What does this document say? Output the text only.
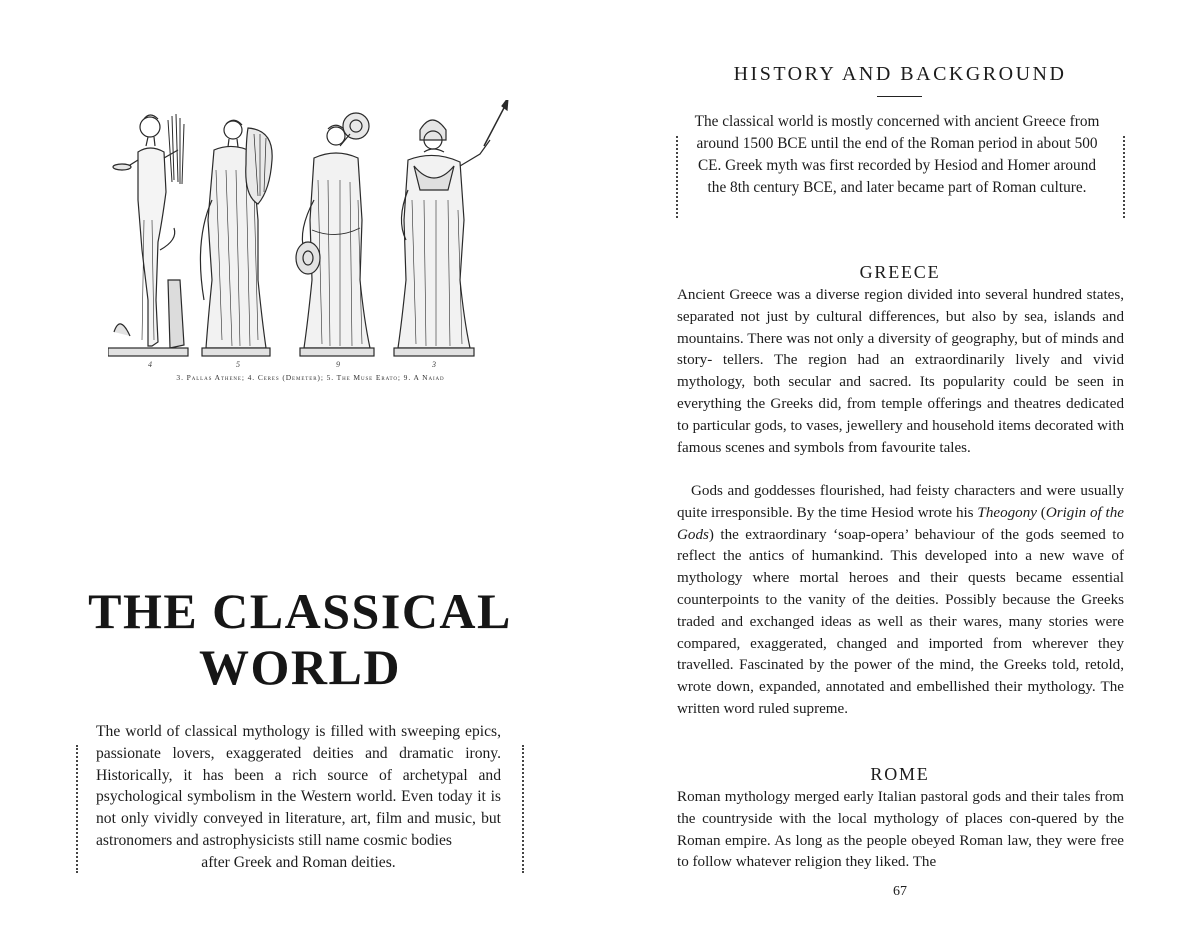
4	5	9	3
3. Pallas Athene; 4. Ceres (Demeter); 5. The Muse Erato; 9. A Naiad
THE CLASSICAL
WORLD

The world of classical mythology is filled with sweeping epics, passionate lovers, exaggerated deities and dramatic irony. Historically, it has been a rich source of archetypal and psychological symbolism in the Western world. Even today it is not only vividly conveyed in literature, art, film and music, but astronomers and astrophysicists still name cosmic bodies
after Greek and Roman deities.

HISTORY AND BACKGROUND

The classical world is mostly concerned with ancient Greece from around 1500 BCE until the end of the Roman period in about 500 CE. Greek myth was first recorded by Hesiod and Homer around the 8th century BCE, and later became part of Roman culture.

GREECE

Ancient Greece was a diverse region divided into several hundred states, separated not just by cultural differences, but also by sea, islands and mountains. There was not only a diversity of geography, but of minds and story- tellers. The region had an extraordinarily lively and vivid mythology, both secular and sacred. Its popularity could be seen in everything the Greeks did, from temple offerings and theatres dedicated to particular gods, to vases, jewellery and household items decorated with famous scenes and symbols from favourite tales.

Gods and goddesses flourished, had feisty characters and were usually quite irresponsible. By the time Hesiod wrote his Theogony (Origin of the Gods) the extraordinary ‘soap-opera’ behaviour of the gods seemed to reflect the antics of humankind. This developed into a new wave of mythology where mortal heroes and their quests became essential counterpoints to the vanity of the deities. Possibly because the Greeks traded and exchanged ideas as well as their wares, many stories were compared, exaggerated, changed and imported from wherever they travelled. Fascinated by the power of the mind, the Greeks told, retold, wrote down, expanded, annotated and embellished their mythology. The written word ruled supreme.

ROME

Roman mythology merged early Italian pastoral gods and their tales from the countryside with the local mythology of places con-quered by the Roman empire. As long as the people obeyed Roman law, they were free to follow whatever religion they liked. The

67
